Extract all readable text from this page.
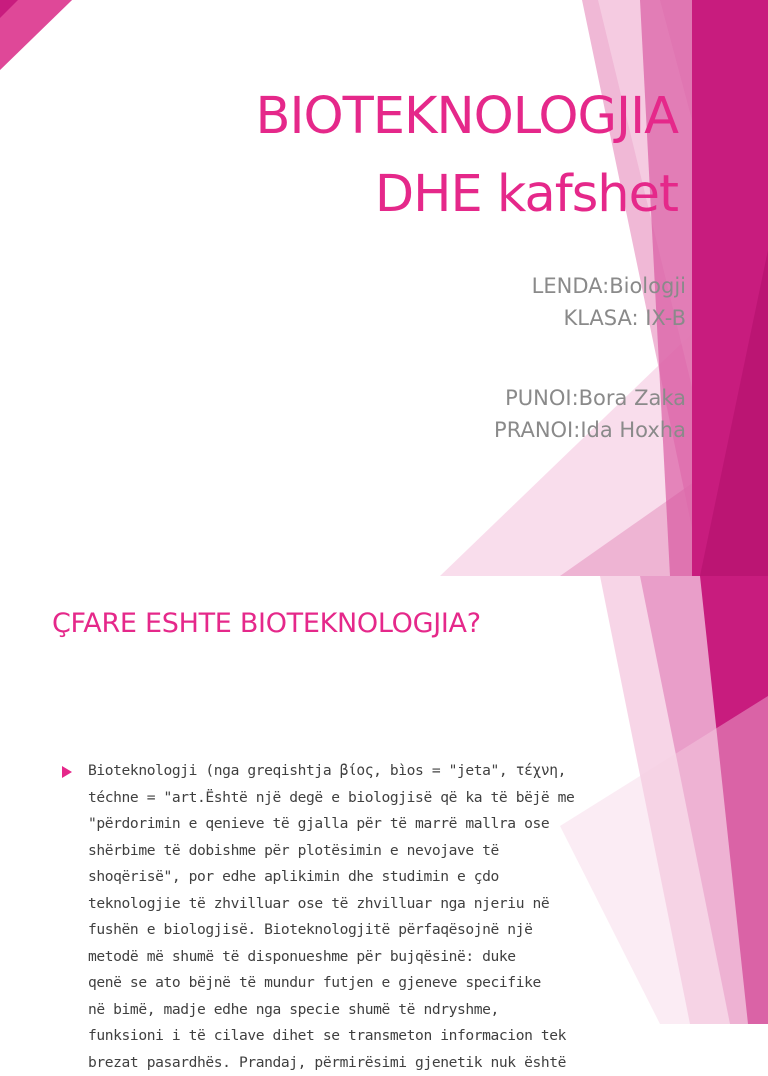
BIOTEKNOLOGJIA
DHE kafshet
LENDA:Biologji
KLASA: IX-B
PUNOI:Bora Zaka
PRANOI:Ida Hoxha
ÇFARE ESHTE BIOTEKNOLOGJIA?
Bioteknologji (nga greqishtja βίος, bìos = "jeta", τέχνη,
téchne = "art.Është një degë e biologjisë që ka të bëjë me
"përdorimin e qenieve të gjalla për të marrë mallra ose
shërbime të dobishme për plotësimin e nevojave të
shoqërisë", por edhe aplikimin dhe studimin e çdo
teknologjie të zhvilluar ose të zhvilluar nga njeriu në
fushën e biologjisë. Bioteknologjitë përfaqësojnë një
metodë më shumë të disponueshme për bujqësinë: duke
qenë se ato bëjnë të mundur futjen e gjeneve specifike
në bimë, madje edhe nga specie shumë të ndryshme,
funksioni i të cilave dihet se transmeton informacion tek
brezat pasardhës. Prandaj, përmirësimi gjenetik nuk është
